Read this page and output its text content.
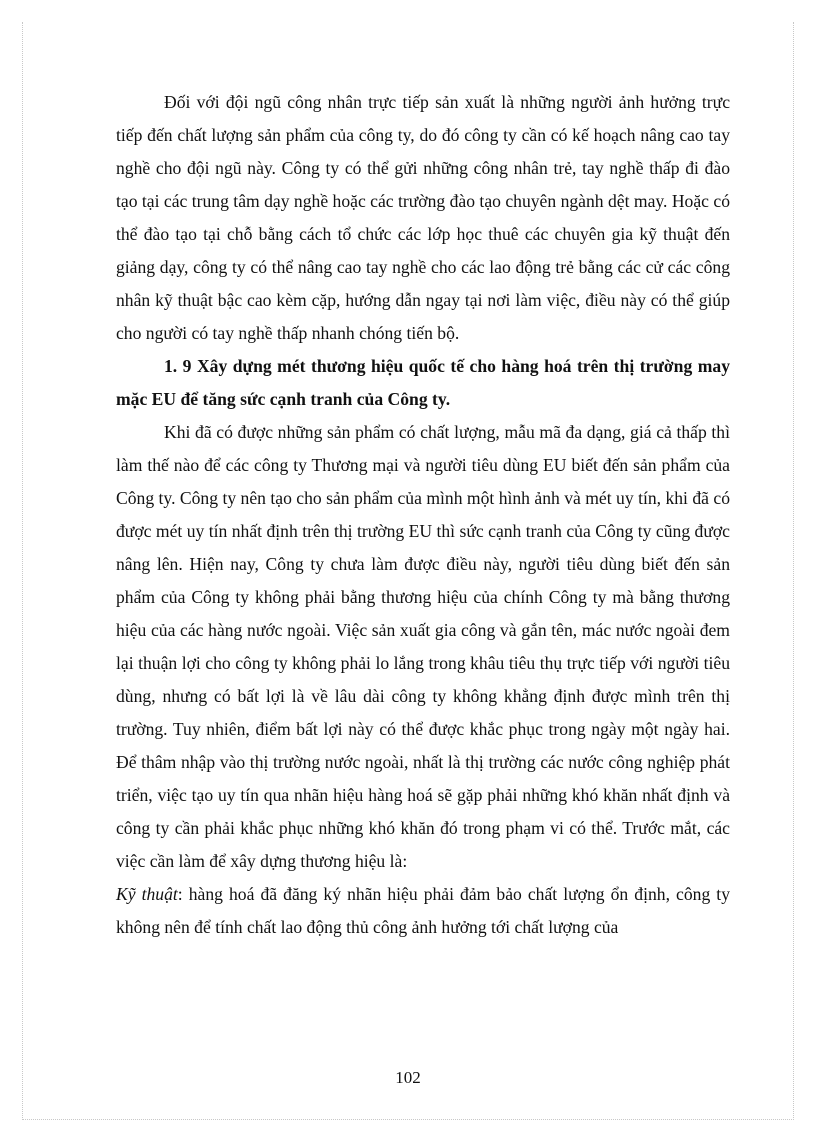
Đối với đội ngũ công nhân trực tiếp sản xuất là những người ảnh hưởng trực tiếp đến chất lượng sản phẩm của công ty, do đó công ty cần có kế hoạch nâng cao tay nghề cho đội ngũ này. Công ty có thể gửi những công nhân trẻ, tay nghề thấp đi đào tạo tại các trung tâm dạy nghề hoặc các trường đào tạo chuyên ngành dệt may. Hoặc có thể đào tạo tại chỗ bằng cách tổ chức các lớp học thuê các chuyên gia kỹ thuật đến giảng dạy, công ty có thể nâng cao tay nghề cho các lao động trẻ bằng các cử các công nhân kỹ thuật bậc cao kèm cặp, hướng dẫn ngay tại nơi làm việc, điều này có thể giúp cho người có tay nghề thấp nhanh chóng tiến bộ.

1. 9 Xây dựng mét thương hiệu quốc tế cho hàng hoá trên thị trường may mặc EU để tăng sức cạnh tranh của Công ty.

Khi đã có được những sản phẩm có chất lượng, mẫu mã đa dạng, giá cả thấp thì làm thế nào để các công ty Thương mại và người tiêu dùng EU biết đến sản phẩm của Công ty. Công ty nên tạo cho sản phẩm của mình một hình ảnh và mét uy tín, khi đã có được mét uy tín nhất định trên thị trường EU thì sức cạnh tranh của Công ty cũng được nâng lên. Hiện nay, Công ty chưa làm được điều này, người tiêu dùng biết đến sản phẩm của Công ty không phải bằng thương hiệu của chính Công ty mà bằng thương hiệu của các hàng nước ngoài. Việc sản xuất gia công và gắn tên, mác nước ngoài đem lại thuận lợi cho công ty không phải lo lắng trong khâu tiêu thụ trực tiếp với người tiêu dùng, nhưng có bất lợi là về lâu dài công ty không khẳng định được mình trên thị trường. Tuy nhiên, điểm bất lợi này có thể được khắc phục trong ngày một ngày hai. Để thâm nhập vào thị trường nước ngoài, nhất là thị trường các nước công nghiệp phát triển, việc tạo uy tín qua nhãn hiệu hàng hoá sẽ gặp phải những khó khăn nhất định và công ty cần phải khắc phục những khó khăn đó trong phạm vi có thể. Trước mắt, các việc cần làm để xây dựng thương hiệu là:

Kỹ thuật: hàng hoá đã đăng ký nhãn hiệu phải đảm bảo chất lượng ổn định, công ty không nên để tính chất lao động thủ công ảnh hưởng tới chất lượng của

102
